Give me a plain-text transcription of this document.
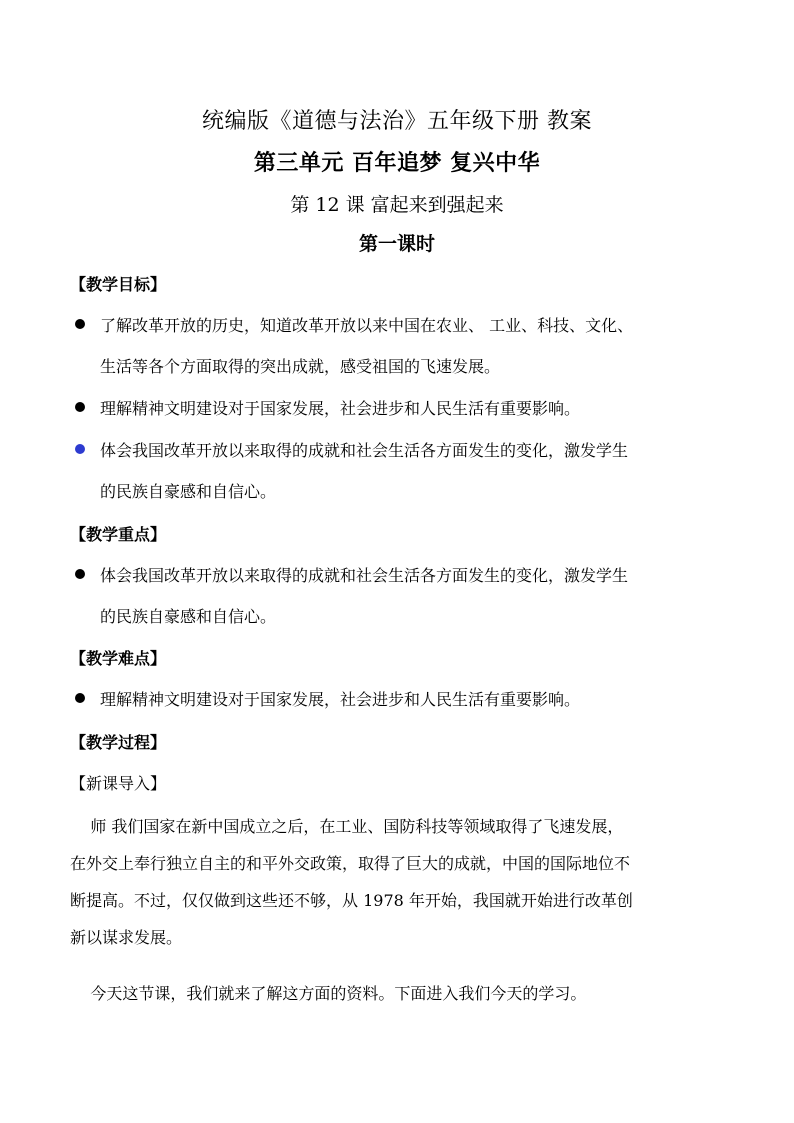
统编版《道德与法治》五年级下册 教案
第三单元 百年追梦 复兴中华
第 12 课 富起来到强起来
第一课时
【教学目标】
了解改革开放的历史，知道改革开放以来中国在农业、 工业、科技、文化、
生活等各个方面取得的突出成就，感受祖国的飞速发展。
理解精神文明建设对于国家发展，社会进步和人民生活有重要影响。
体会我国改革开放以来取得的成就和社会生活各方面发生的变化，激发学生
的民族自豪感和自信心。
【教学重点】
体会我国改革开放以来取得的成就和社会生活各方面发生的变化，激发学生
的民族自豪感和自信心。
【教学难点】
理解精神文明建设对于国家发展，社会进步和人民生活有重要影响。
【教学过程】
【新课导入】
师 我们国家在新中国成立之后，在工业、国防科技等领域取得了飞速发展，
在外交上奉行独立自主的和平外交政策，取得了巨大的成就，中国的国际地位不
断提高。不过，仅仅做到这些还不够，从 1978 年开始，我国就开始进行改革创
新以谋求发展。
今天这节课，我们就来了解这方面的资料。下面进入我们今天的学习。
